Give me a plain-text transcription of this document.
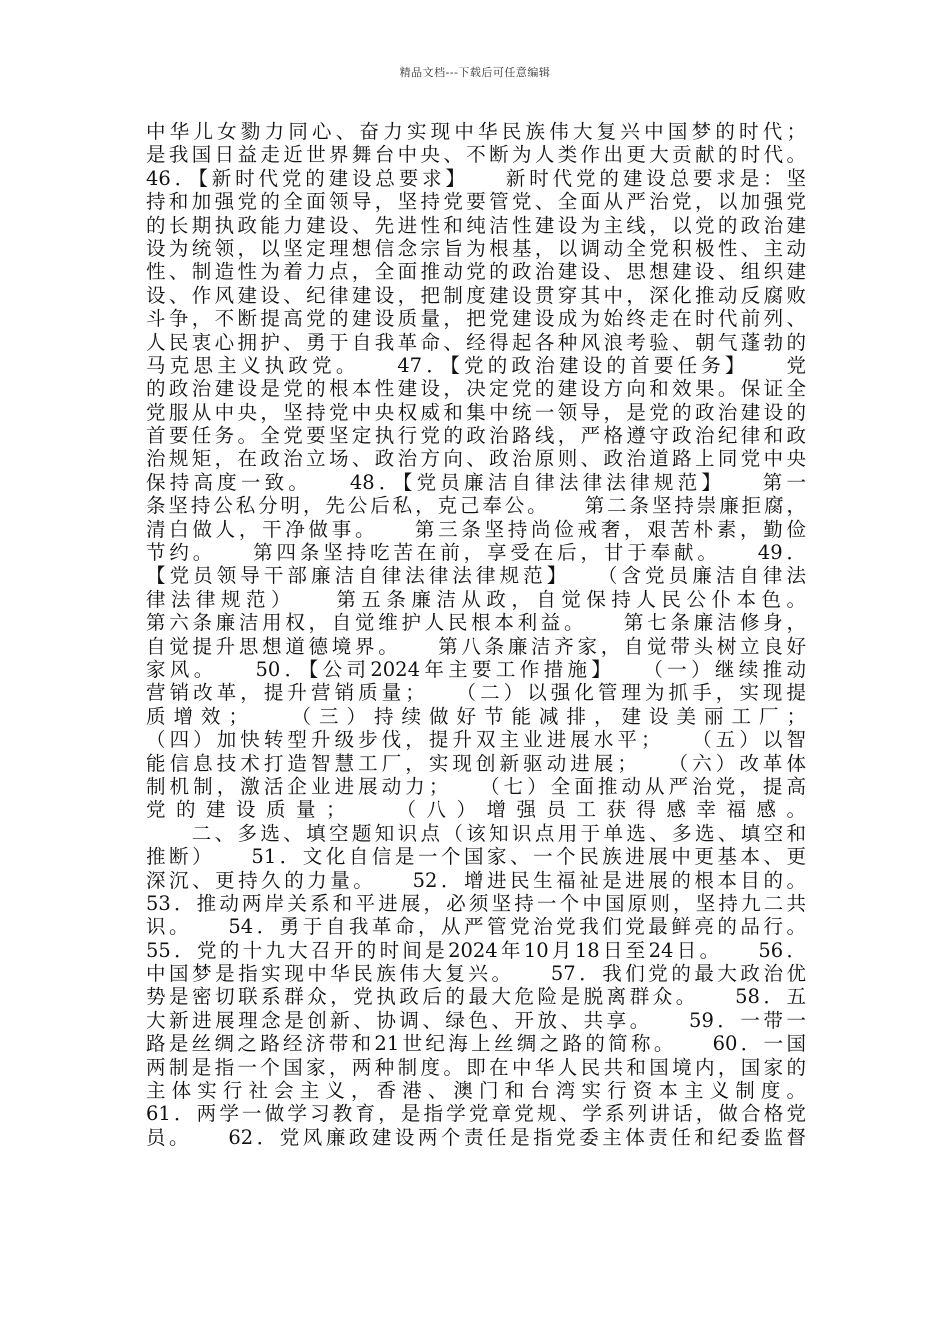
精品文档---下载后可任意编辑
中华儿女勠力同心、奋力实现中华民族伟大复兴中国梦的时代；
是我国日益走近世界舞台中央、不断为人类作出更大贡献的时代。
46．【新时代党的建设总要求】　　新时代党的建设总要求是：坚
持和加强党的全面领导，坚持党要管党、全面从严治党，以加强党
的长期执政能力建设、先进性和纯洁性建设为主线，以党的政治建
设为统领，以坚定理想信念宗旨为根基，以调动全党积极性、主动
性、制造性为着力点，全面推动党的政治建设、思想建设、组织建
设、作风建设、纪律建设，把制度建设贯穿其中，深化推动反腐败
斗争，不断提高党的建设质量，把党建设成为始终走在时代前列、
人民衷心拥护、勇于自我革命、经得起各种风浪考验、朝气蓬勃的
马克思主义执政党。　　47．【党的政治建设的首要任务】　　党
的政治建设是党的根本性建设，决定党的建设方向和效果。保证全
党服从中央，坚持党中央权威和集中统一领导，是党的政治建设的
首要任务。全党要坚定执行党的政治路线，严格遵守政治纪律和政
治规矩，在政治立场、政治方向、政治原则、政治道路上同党中央
保持高度一致。　　48．【党员廉洁自律法律法律规范】　　第一
条坚持公私分明，先公后私，克己奉公。　　第二条坚持崇廉拒腐，
清白做人，干净做事。　　第三条坚持尚俭戒奢，艰苦朴素，勤俭
节约。　　第四条坚持吃苦在前，享受在后，甘于奉献。　　49．
【党员领导干部廉洁自律法律法律规范】　　（含党员廉洁自律法
律法律规范）　　第五条廉洁从政，自觉保持人民公仆本色。
第六条廉洁用权，自觉维护人民根本利益。　　第七条廉洁修身，
自觉提升思想道德境界。　　第八条廉洁齐家，自觉带头树立良好
家风。　　50．【公司2024年主要工作措施】　　（一）继续推动
营销改革，提升营销质量；　　（二）以强化管理为抓手，实现提
质增效；　　（三）持续做好节能减排，建设美丽工厂；
（四）加快转型升级步伐，提升双主业进展水平；　　（五）以智
能信息技术打造智慧工厂，实现创新驱动进展；　　（六）改革体
制机制，激活企业进展动力；　　（七）全面推动从严治党，提高
党的建设质量；　　（八）增强员工获得感幸福感。
　　二、多选、填空题知识点（该知识点用于单选、多选、填空和
推断）　　51．文化自信是一个国家、一个民族进展中更基本、更
深沉、更持久的力量。　　52．增进民生福祉是进展的根本目的。
53．推动两岸关系和平进展，必须坚持一个中国原则，坚持九二共
识。　　54．勇于自我革命，从严管党治党我们党最鲜亮的品行。
55．党的十九大召开的时间是2024年10月18日至24日。　　56．
中国梦是指实现中华民族伟大复兴。　　57．我们党的最大政治优
势是密切联系群众，党执政后的最大危险是脱离群众。　　58．五
大新进展理念是创新、协调、绿色、开放、共享。　　59．一带一
路是丝绸之路经济带和21世纪海上丝绸之路的简称。　　60．一国
两制是指一个国家，两种制度。即在中华人民共和国境内，国家的
主体实行社会主义，香港、澳门和台湾实行资本主义制度。
61．两学一做学习教育，是指学党章党规、学系列讲话，做合格党
员。　　62．党风廉政建设两个责任是指党委主体责任和纪委监督
